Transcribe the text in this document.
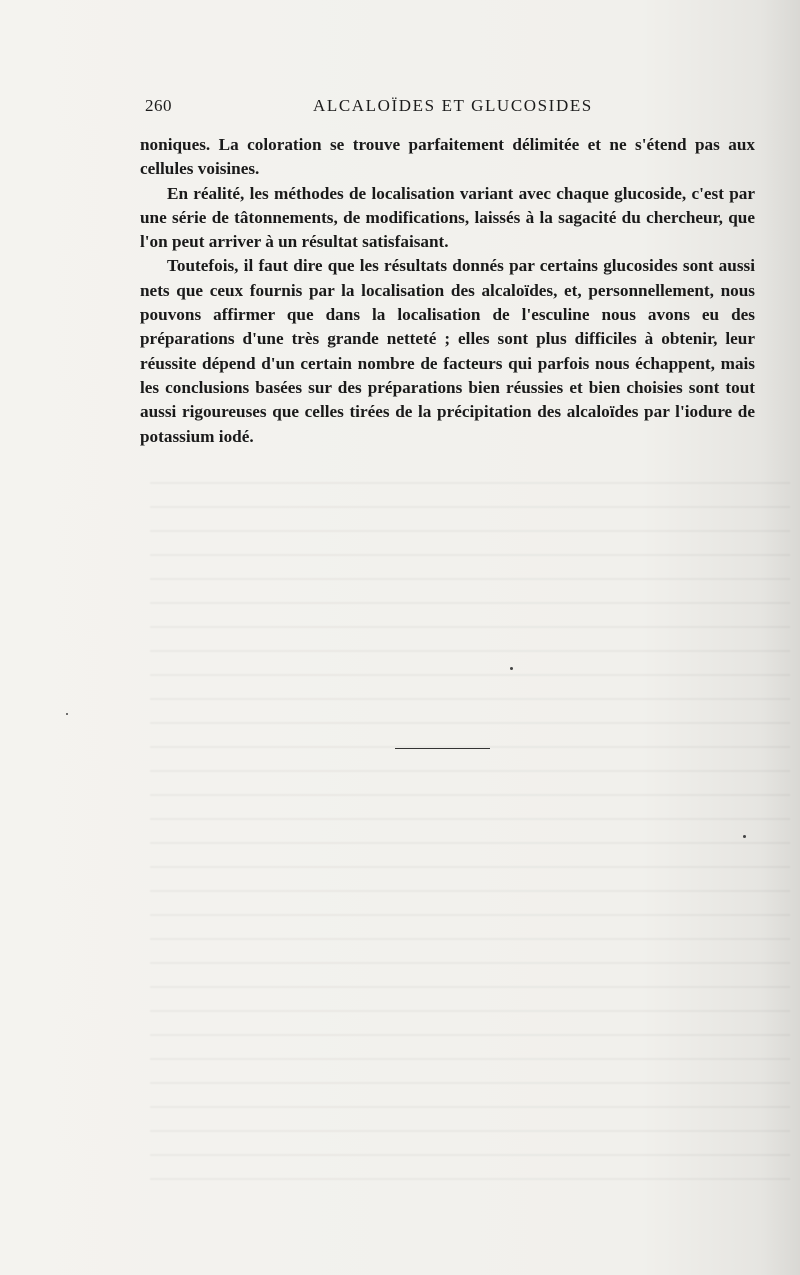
260	ALCALOÏDES ET GLUCOSIDES

noniques. La coloration se trouve parfaitement délimitée et ne s'étend pas aux cellules voisines.

En réalité, les méthodes de localisation variant avec chaque glucoside, c'est par une série de tâtonnements, de modifications, laissés à la sagacité du chercheur, que l'on peut arriver à un résultat satisfaisant.

Toutefois, il faut dire que les résultats donnés par certains glucosides sont aussi nets que ceux fournis par la localisation des alcaloïdes, et, personnellement, nous pouvons affirmer que dans la localisation de l'esculine nous avons eu des préparations d'une très grande netteté ; elles sont plus difficiles à obtenir, leur réussite dépend d'un certain nombre de facteurs qui parfois nous échappent, mais les conclusions basées sur des préparations bien réussies et bien choisies sont tout aussi rigoureuses que celles tirées de la précipitation des alcaloïdes par l'iodure de potassium iodé.
